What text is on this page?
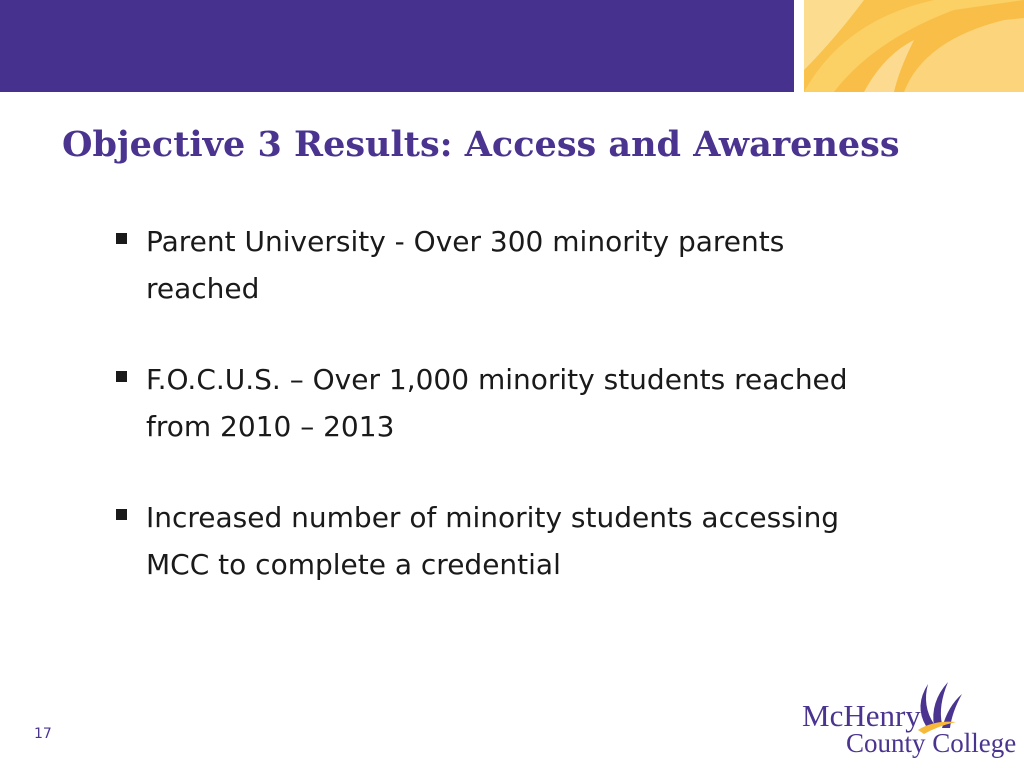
Objective 3 Results: Access and Awareness
Parent University - Over 300 minority parents reached
F.O.C.U.S. – Over 1,000 minority students reached from 2010 – 2013
Increased number of minority students accessing MCC to complete a credential
17
McHenry
County College
